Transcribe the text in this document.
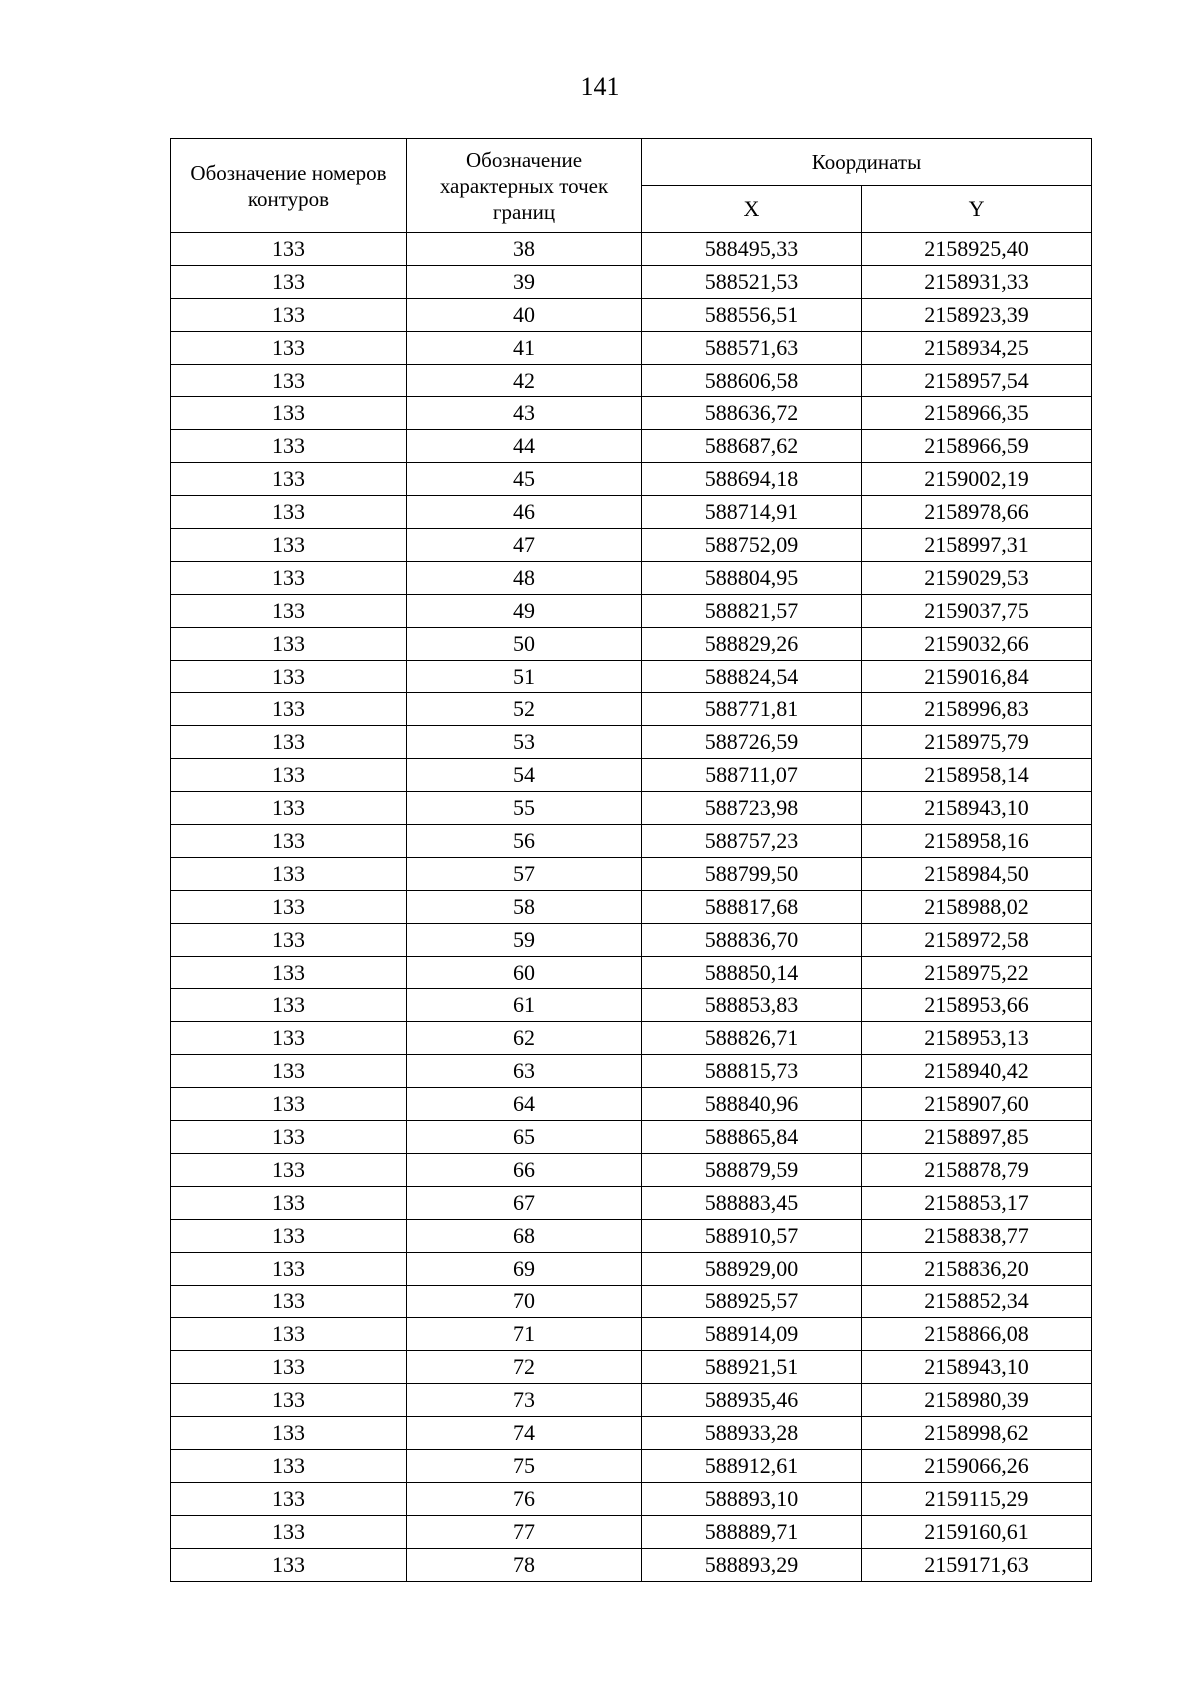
141
Обозначение номеров контуров	Обозначение характерных точек границ	Координаты	
		X	Y
133	38	588495,33	2158925,40
133	39	588521,53	2158931,33
133	40	588556,51	2158923,39
133	41	588571,63	2158934,25
133	42	588606,58	2158957,54
133	43	588636,72	2158966,35
133	44	588687,62	2158966,59
133	45	588694,18	2159002,19
133	46	588714,91	2158978,66
133	47	588752,09	2158997,31
133	48	588804,95	2159029,53
133	49	588821,57	2159037,75
133	50	588829,26	2159032,66
133	51	588824,54	2159016,84
133	52	588771,81	2158996,83
133	53	588726,59	2158975,79
133	54	588711,07	2158958,14
133	55	588723,98	2158943,10
133	56	588757,23	2158958,16
133	57	588799,50	2158984,50
133	58	588817,68	2158988,02
133	59	588836,70	2158972,58
133	60	588850,14	2158975,22
133	61	588853,83	2158953,66
133	62	588826,71	2158953,13
133	63	588815,73	2158940,42
133	64	588840,96	2158907,60
133	65	588865,84	2158897,85
133	66	588879,59	2158878,79
133	67	588883,45	2158853,17
133	68	588910,57	2158838,77
133	69	588929,00	2158836,20
133	70	588925,57	2158852,34
133	71	588914,09	2158866,08
133	72	588921,51	2158943,10
133	73	588935,46	2158980,39
133	74	588933,28	2158998,62
133	75	588912,61	2159066,26
133	76	588893,10	2159115,29
133	77	588889,71	2159160,61
133	78	588893,29	2159171,63
